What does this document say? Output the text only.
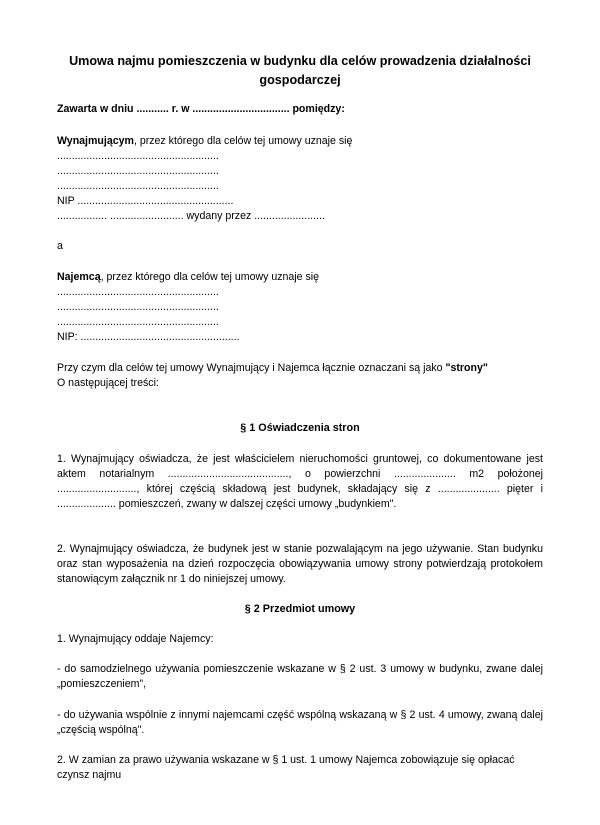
Umowa najmu pomieszczenia w budynku dla celów prowadzenia działalności gospodarczej
Zawarta w dniu ........... r. w ................................. pomiędzy:
Wynajmującym, przez którego dla celów tej umowy uznaje się
.......................................................
.......................................................
.......................................................
NIP .....................................................
................. ......................... wydany przez ........................
a
Najemcą, przez którego dla celów tej umowy uznaje się
.......................................................
.......................................................
.......................................................
NIP: ......................................................
Przy czym dla celów tej umowy Wynajmujący i Najemca łącznie oznaczani są jako "strony"
O następującej treści:
§ 1 Oświadczenia stron
1. Wynajmujący oświadcza, że jest właścicielem nieruchomości gruntowej, co dokumentowane jest aktem notarialnym ........................................., o powierzchni ..................... m2 położonej ..........................., której częścią składową jest budynek, składający się z ..................... pięter i .................... pomieszczeń, zwany w dalszej części umowy „budynkiem".
2. Wynajmujący oświadcza, że budynek jest w stanie pozwalającym na jego używanie. Stan budynku oraz stan wyposażenia na dzień rozpoczęcia obowiązywania umowy strony potwierdzają protokołem stanowiącym załącznik nr 1 do niniejszej umowy.
§ 2 Przedmiot umowy
1. Wynajmujący oddaje Najemcy:
- do samodzielnego używania pomieszczenie wskazane w § 2 ust. 3 umowy w budynku, zwane dalej „pomieszczeniem",
- do używania wspólnie z innymi najemcami część wspólną wskazaną w § 2 ust. 4 umowy, zwaną dalej „częścią wspólną".
2. W zamian za prawo używania wskazane w § 1 ust. 1 umowy Najemca zobowiązuje się opłacać czynsz najmu
